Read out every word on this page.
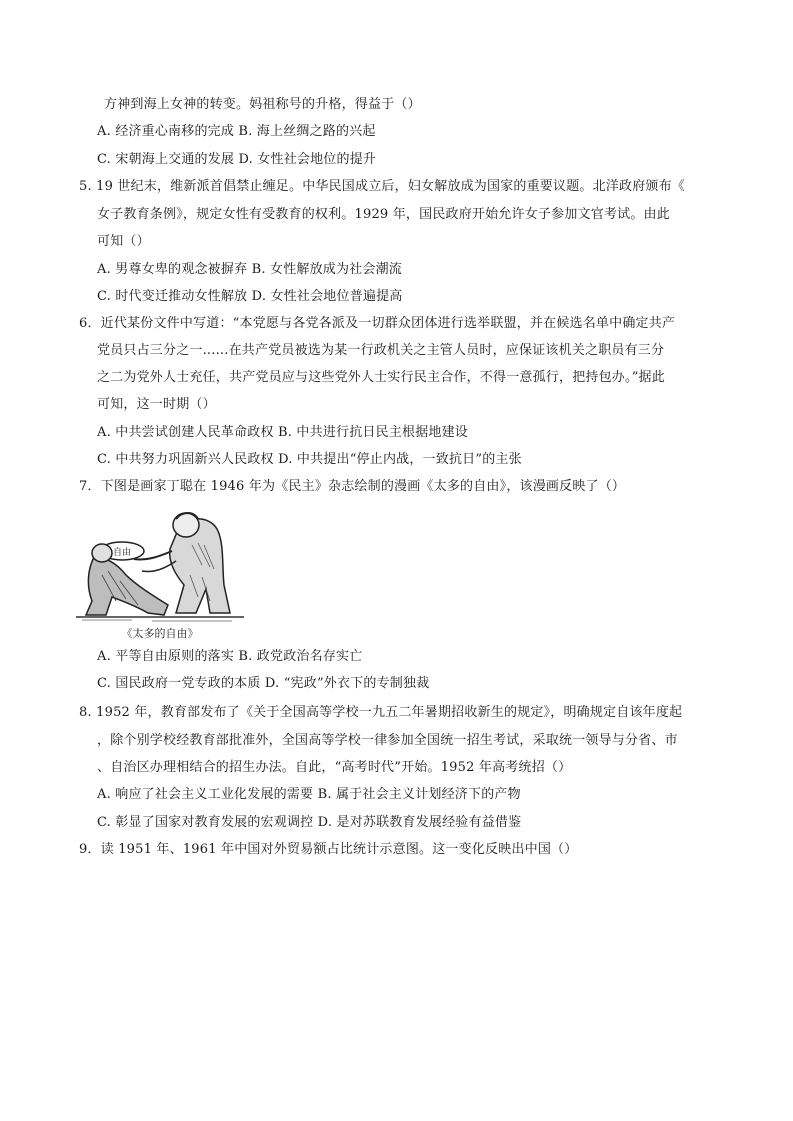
方神到海上女神的转变。妈祖称号的升格，得益于（）
A. 经济重心南移的完成 B. 海上丝绸之路的兴起
C. 宋朝海上交通的发展 D. 女性社会地位的提升
5. 19 世纪末，维新派首倡禁止缠足。中华民国成立后，妇女解放成为国家的重要议题。北洋政府颁布《
女子教育条例》，规定女性有受教育的权利。1929 年，国民政府开始允许女子参加文官考试。由此
可知（）
A. 男尊女卑的观念被摒弃 B. 女性解放成为社会潮流
C. 时代变迁推动女性解放 D. 女性社会地位普遍提高
6．近代某份文件中写道：“本党愿与各党各派及一切群众团体进行选举联盟，并在候选名单中确定共产
党员只占三分之一......在共产党员被选为某一行政机关之主管人员时，应保证该机关之职员有三分
之二为党外人士充任，共产党员应与这些党外人士实行民主合作，不得一意孤行，把持包办。”据此
可知，这一时期（）
A. 中共尝试创建人民革命政权 B. 中共进行抗日民主根据地建设
C. 中共努力巩固新兴人民政权 D. 中共提出“停止内战，一致抗日”的主张
7．下图是画家丁聪在 1946 年为《民主》杂志绘制的漫画《太多的自由》，该漫画反映了（）
自由
《太多的自由》
A. 平等自由原则的落实 B. 政党政治名存实亡
C. 国民政府一党专政的本质 D. “宪政”外衣下的专制独裁
8. 1952 年，教育部发布了《关于全国高等学校一九五二年暑期招收新生的规定》，明确规定自该年度起
，除个别学校经教育部批准外，全国高等学校一律参加全国统一招生考试，采取统一领导与分省、市
、自治区办理相结合的招生办法。自此，“高考时代”开始。1952 年高考统招（）
A. 响应了社会主义工业化发展的需要 B. 属于社会主义计划经济下的产物
C. 彰显了国家对教育发展的宏观调控 D. 是对苏联教育发展经验有益借鉴
9．读 1951 年、1961 年中国对外贸易额占比统计示意图。这一变化反映出中国（）
